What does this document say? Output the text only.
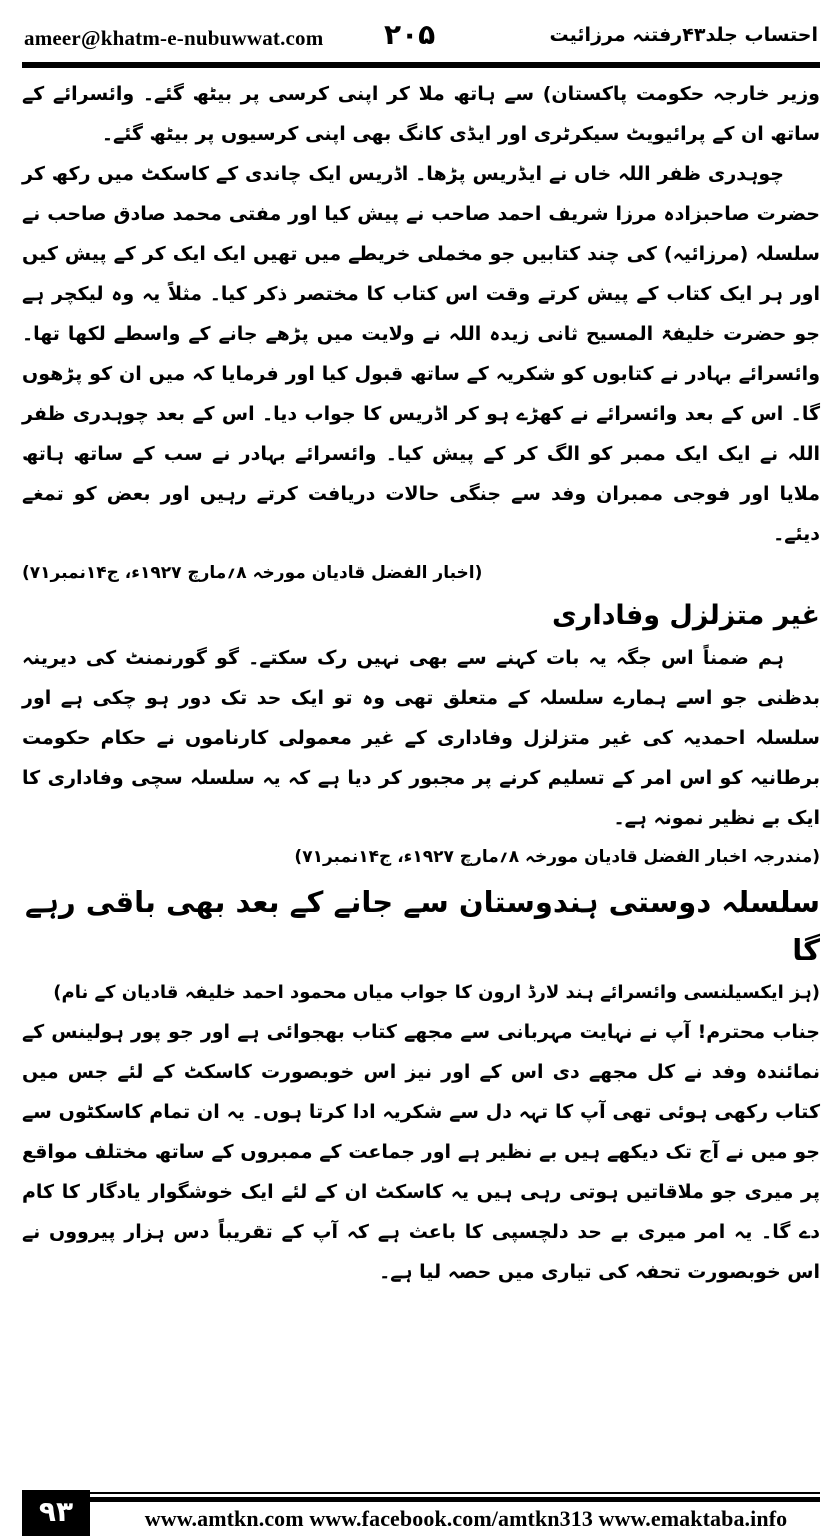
ameer@khatm-e-nubuwwat.com ۲۰۵	احتساب جلد۴۳رفتنہ مرزائیت

وزیر خارجہ حکومت پاکستان) سے ہاتھ ملا کر اپنی کرسی پر بیٹھ گئے۔ وائسرائے کے ساتھ ان کے پرائیویٹ سیکرٹری اور ایڈی کانگ بھی اپنی کرسیوں پر بیٹھ گئے۔

چوہدری ظفر اللہ خاں نے ایڈریس پڑھا۔ اڈریس ایک چاندی کے کاسکٹ میں رکھ کر حضرت صاحبزادہ مرزا شریف احمد صاحب نے پیش کیا اور مفتی محمد صادق صاحب نے سلسلہ (مرزائیہ) کی چند کتابیں جو مخملی خریطے میں تھیں ایک ایک کر کے پیش کیں اور ہر ایک کتاب کے پیش کرتے وقت اس کتاب کا مختصر ذکر کیا۔ مثلاً یہ وہ لیکچر ہے جو حضرت خلیفۃ المسیح ثانی زیدہ اللہ نے ولایت میں پڑھے جانے کے واسطے لکھا تھا۔ وائسرائے بہادر نے کتابوں کو شکریہ کے ساتھ قبول کیا اور فرمایا کہ میں ان کو پڑھوں گا۔ اس کے بعد وائسرائے نے کھڑے ہو کر اڈریس کا جواب دیا۔ اس کے بعد چوہدری ظفر اللہ نے ایک ایک ممبر کو الگ کر کے پیش کیا۔ وائسرائے بہادر نے سب کے ساتھ ہاتھ ملایا اور فوجی ممبران وفد سے جنگی حالات دریافت کرتے رہیں اور بعض کو تمغے دیئے۔

(اخبار الفضل قادیان مورخہ ۸؍مارچ ۱۹۲۷ء، ج۱۴نمبر۷۱)
غیر متزلزل وفاداری

ہم ضمناً اس جگہ یہ بات کہنے سے بھی نہیں رک سکتے۔ گو گورنمنٹ کی دیرینہ بدظنی جو اسے ہمارے سلسلہ کے متعلق تھی وہ تو ایک حد تک دور ہو چکی ہے اور سلسلہ احمدیہ کی غیر متزلزل وفاداری کے غیر معمولی کارناموں نے حکام حکومت برطانیہ کو اس امر کے تسلیم کرنے پر مجبور کر دیا ہے کہ یہ سلسلہ سچی وفاداری کا ایک بے نظیر نمونہ ہے۔

(مندرجہ اخبار الفضل قادیان مورخہ ۸؍مارچ ۱۹۲۷ء، ج۱۴نمبر۷۱)
سلسلہ دوستی ہندوستان سے جانے کے بعد بھی باقی رہے گا
(ہز ایکسیلنسی وائسرائے ہند لارڈ ارون کا جواب میاں محمود احمد خلیفہ قادیان کے نام)

جناب محترم! آپ نے نہایت مہربانی سے مجھے کتاب بھجوائی ہے اور جو پور ہولینس کے نمائندہ وفد نے کل مجھے دی اس کے اور نیز اس خوبصورت کاسکٹ کے لئے جس میں کتاب رکھی ہوئی تھی آپ کا تہہ دل سے شکریہ ادا کرتا ہوں۔ یہ ان تمام کاسکٹوں سے جو میں نے آج تک دیکھے ہیں بے نظیر ہے اور جماعت کے ممبروں کے ساتھ مختلف مواقع پر میری جو ملاقاتیں ہوتی رہی ہیں یہ کاسکٹ ان کے لئے ایک خوشگوار یادگار کا کام دے گا۔ یہ امر میری بے حد دلچسپی کا باعث ہے کہ آپ کے تقریباً دس ہزار پیرووں نے اس خوبصورت تحفہ کی تیاری میں حصہ لیا ہے۔

۹۳	www.amtkn.com www.facebook.com/amtkn313 www.emaktaba.info
